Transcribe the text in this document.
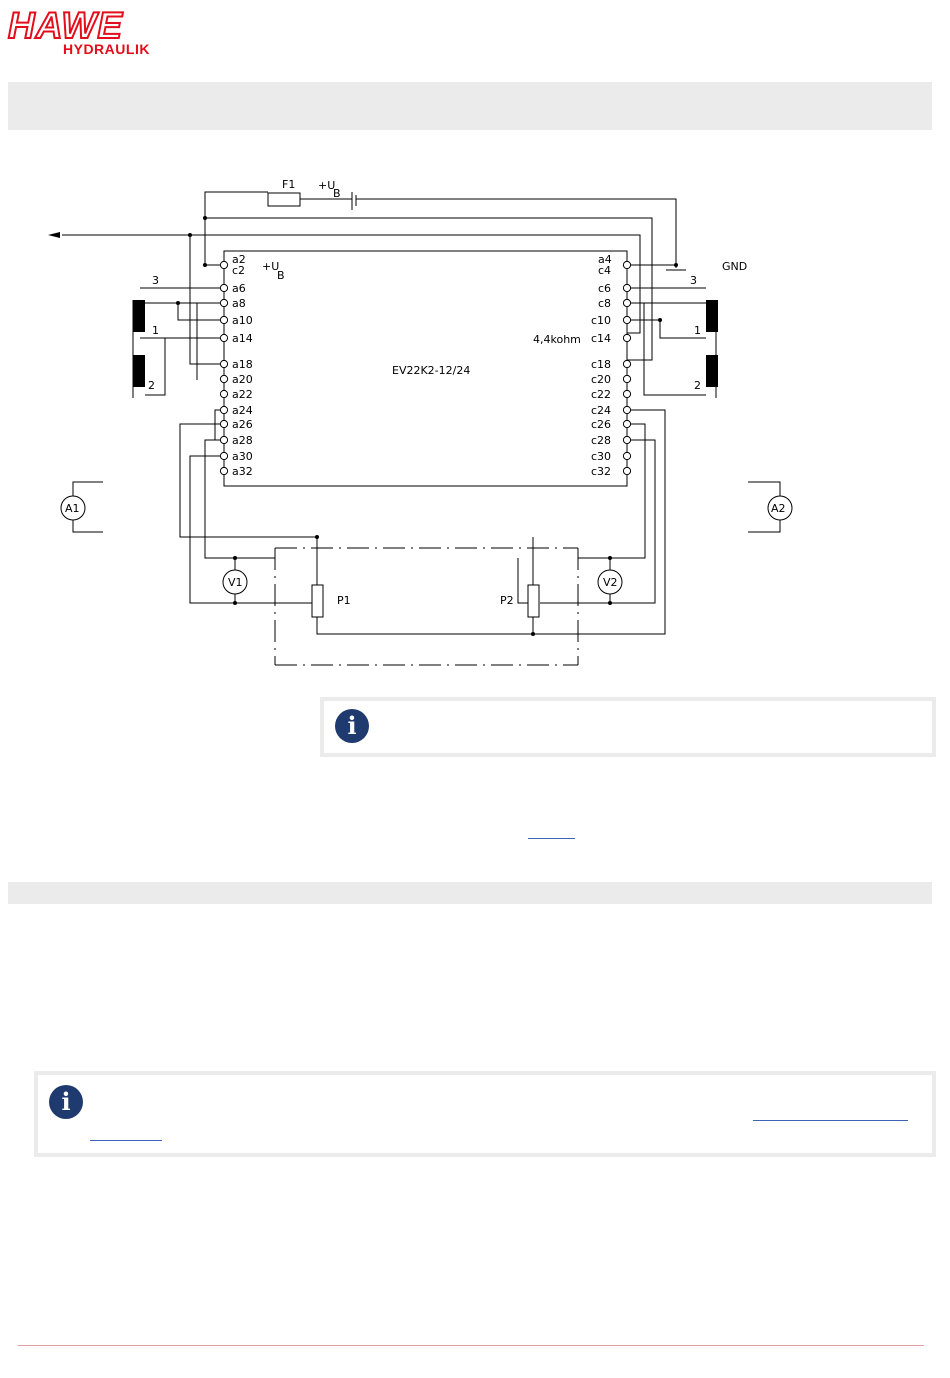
HAWE
HYDRAULIK
F1 +U
B
+U
B
GND
4,4kohm
EV22K2-12/24
a2
c2
a6
a8
a10
a14
a18
a20
a22
a24
a26
a28
a30
a32
a4
c4
c6
c8
c10
c14
c18
c20
c22
c24
c26
c28
c30
c32
3
1
2
3
1
2
A1	A2
V1	V2
P1	P2
i
i
